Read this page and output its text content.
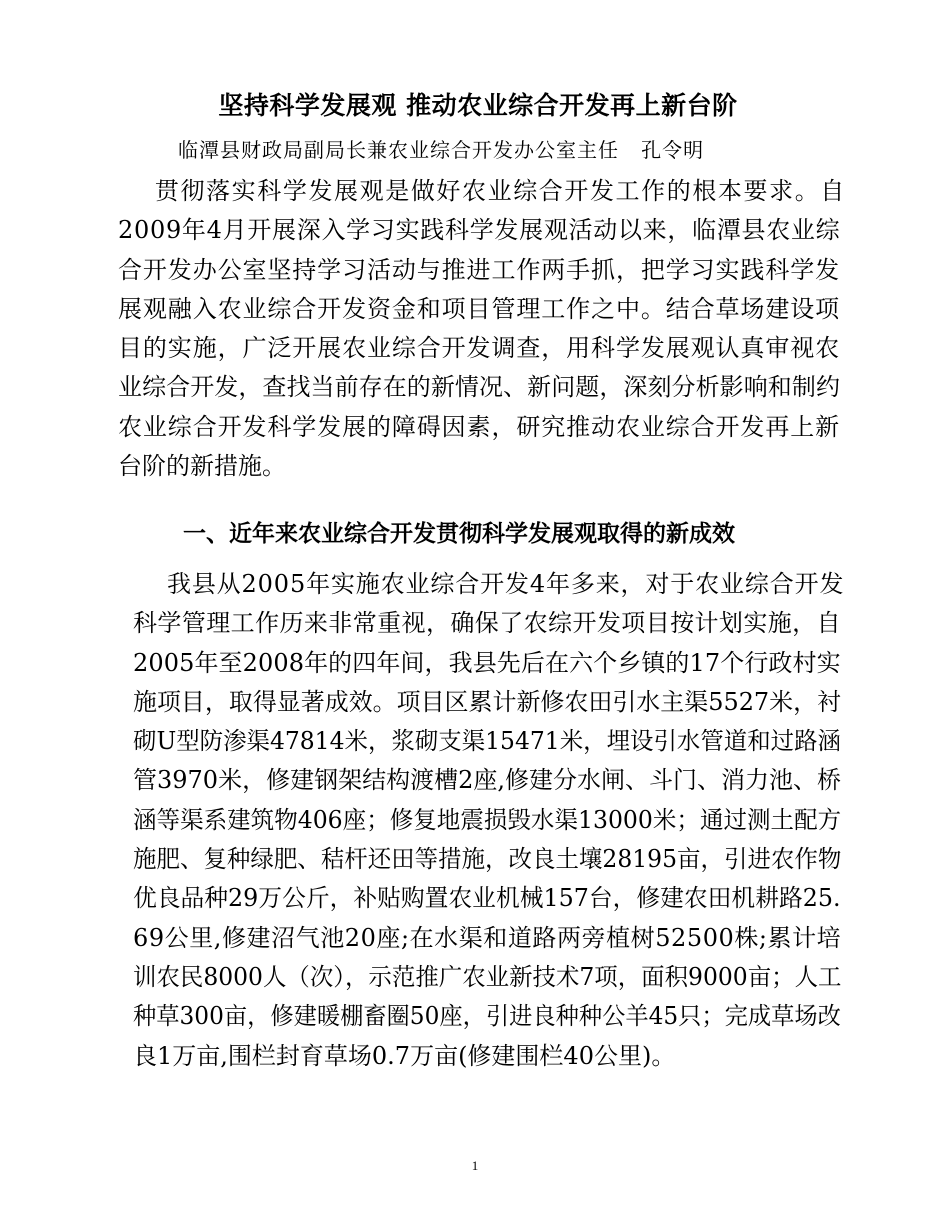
坚持科学发展观 推动农业综合开发再上新台阶
临潭县财政局副局长兼农业综合开发办公室主任   孔令明
贯彻落实科学发展观是做好农业综合开发工作的根本要求。自
2009年4月开展深入学习实践科学发展观活动以来，临潭县农业综
合开发办公室坚持学习活动与推进工作两手抓，把学习实践科学发
展观融入农业综合开发资金和项目管理工作之中。结合草场建设项
目的实施，广泛开展农业综合开发调查，用科学发展观认真审视农
业综合开发，查找当前存在的新情况、新问题，深刻分析影响和制约
农业综合开发科学发展的障碍因素，研究推动农业综合开发再上新
台阶的新措施。
一、近年来农业综合开发贯彻科学发展观取得的新成效
我县从2005年实施农业综合开发4年多来，对于农业综合开发
科学管理工作历来非常重视，确保了农综开发项目按计划实施，自
2005年至2008年的四年间，我县先后在六个乡镇的17个行政村实
施项目，取得显著成效。项目区累计新修农田引水主渠5527米，衬
砌U型防渗渠47814米，浆砌支渠15471米，埋设引水管道和过路涵
管3970米，修建钢架结构渡槽2座,修建分水闸、斗门、消力池、桥
涵等渠系建筑物406座；修复地震损毁水渠13000米；通过测土配方
施肥、复种绿肥、秸杆还田等措施，改良土壤28195亩，引进农作物
优良品种29万公斤，补贴购置农业机械157台，修建农田机耕路25.
69公里,修建沼气池20座;在水渠和道路两旁植树52500株;累计培
训农民8000人（次），示范推广农业新技术7项，面积9000亩；人工
种草300亩，修建暖棚畜圈50座，引进良种种公羊45只；完成草场改
良1万亩,围栏封育草场0.7万亩(修建围栏40公里)。
1
